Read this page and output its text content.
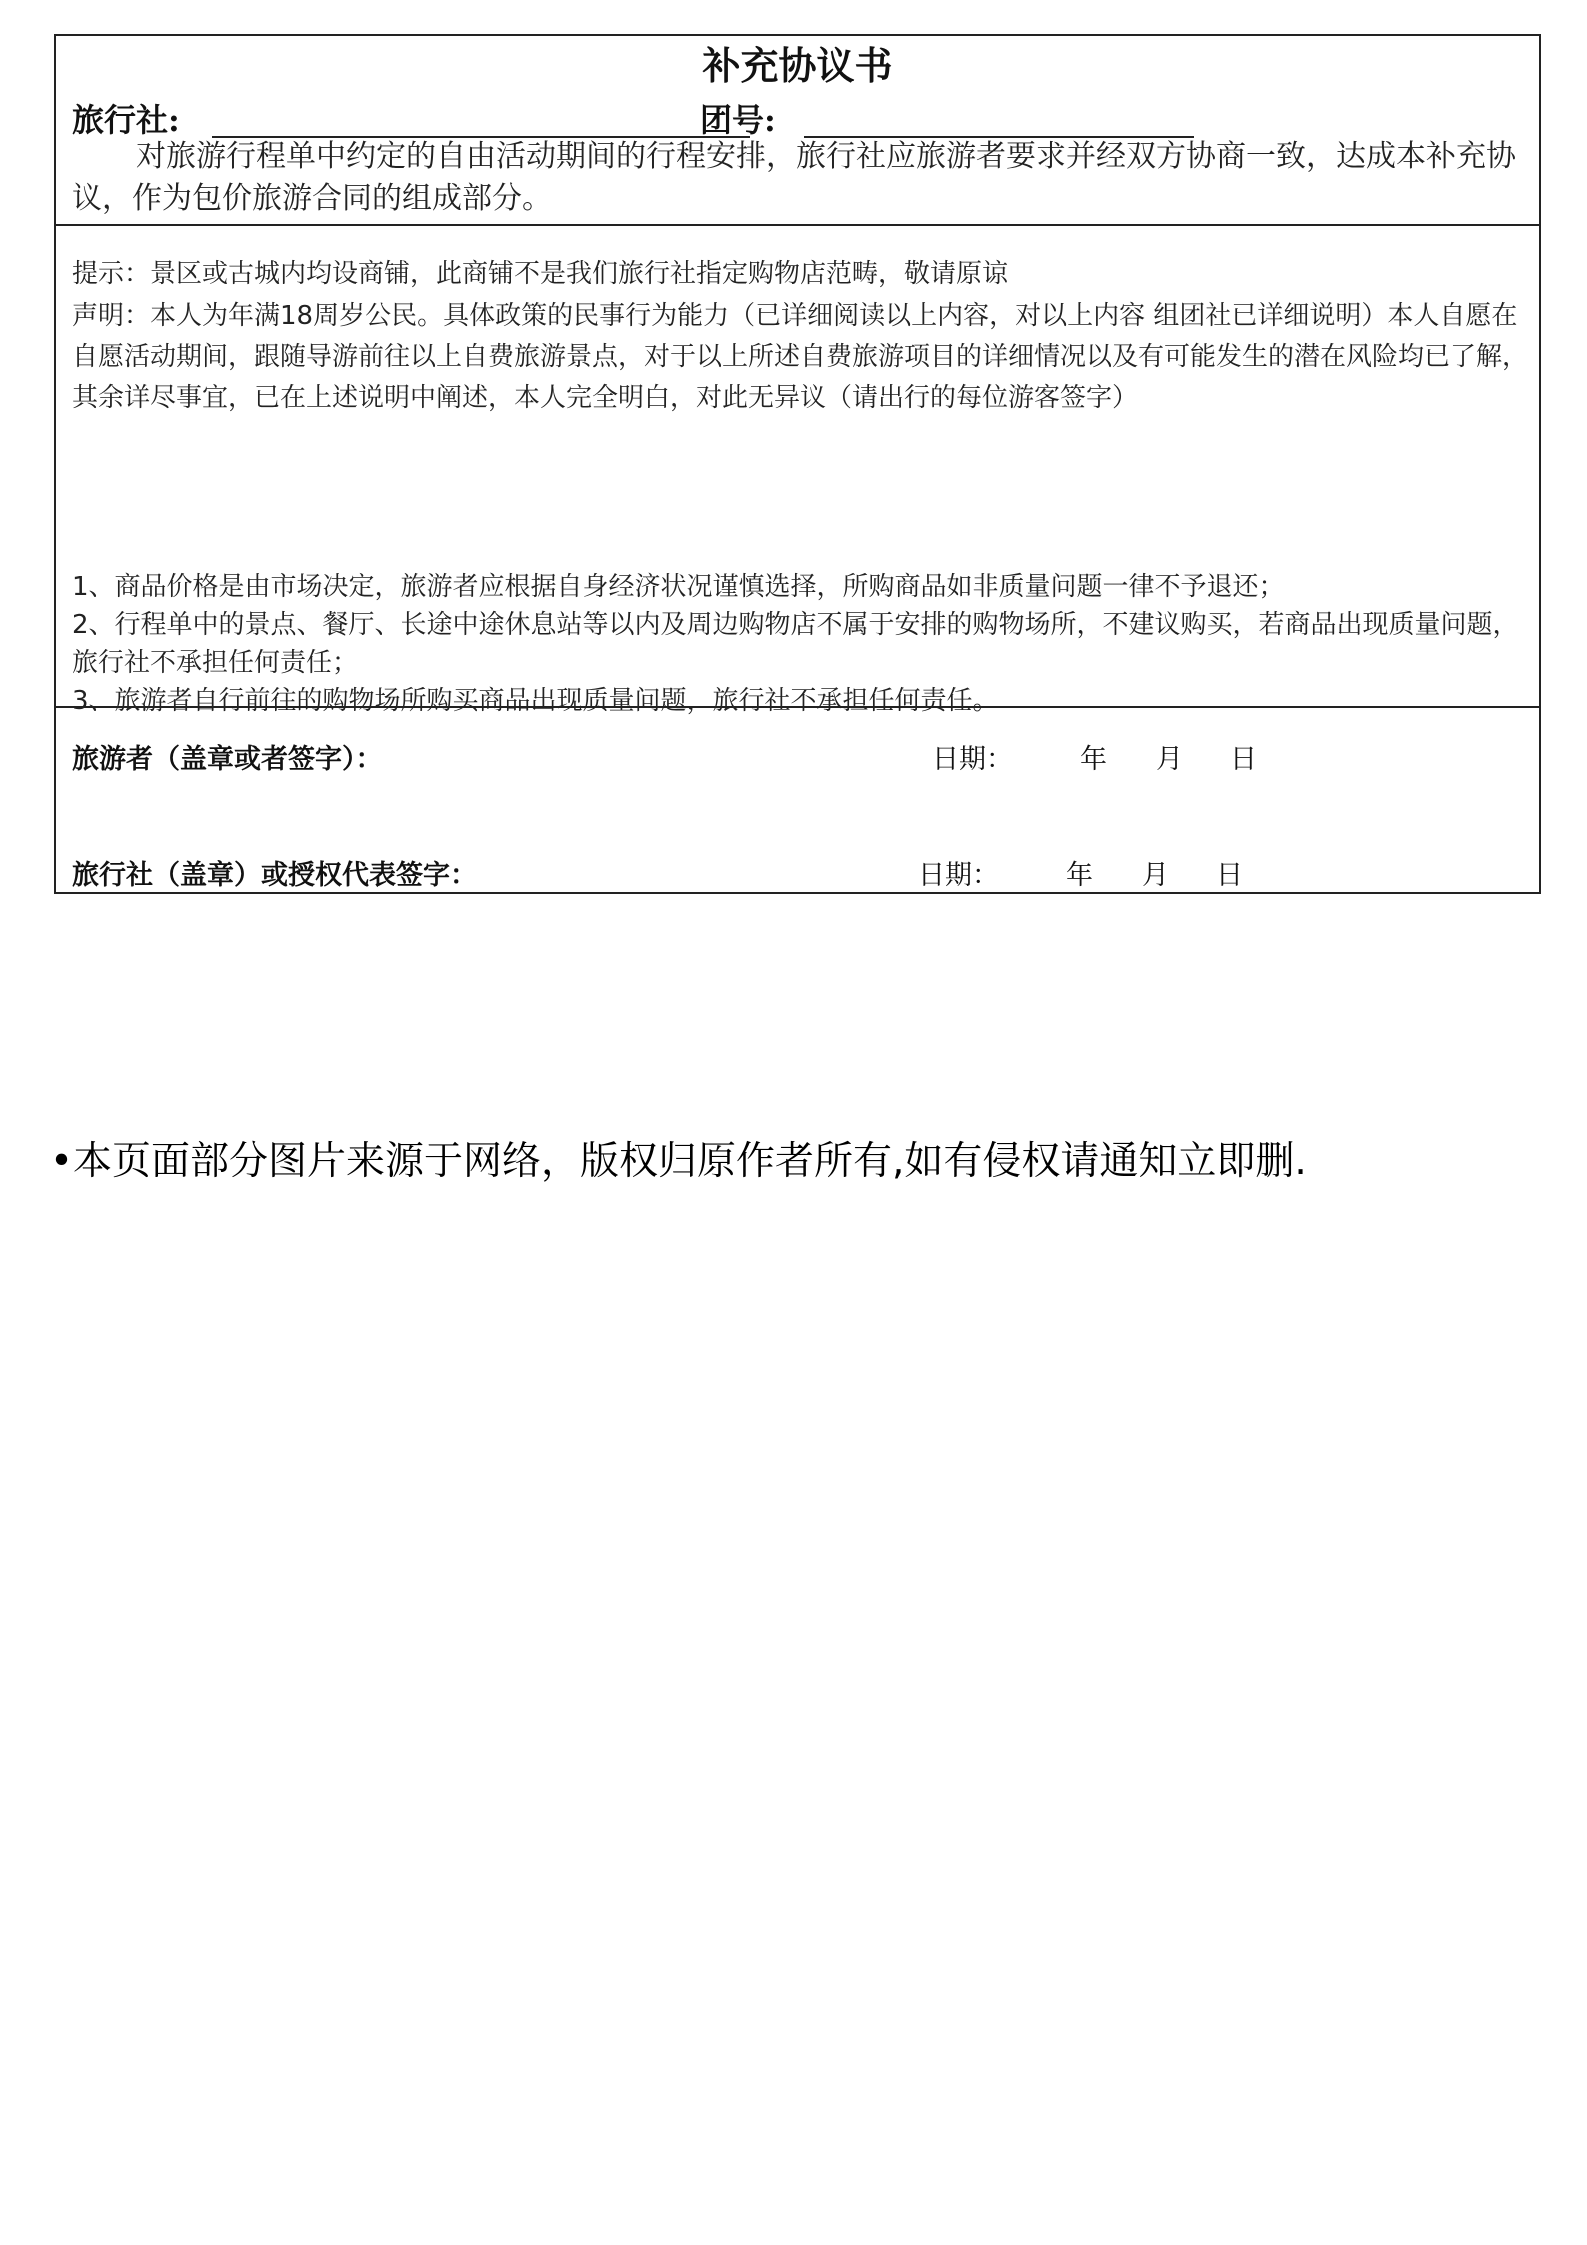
补充协议书
旅行社:	团号:

对旅游行程单中约定的自由活动期间的行程安排，旅行社应旅游者要求并经双方协商一致，达成本补充协议，作为包价旅游合同的组成部分。

提示：景区或古城内均设商铺，此商铺不是我们旅行社指定购物店范畴，敬请原谅

声明：本人为年满18周岁公民。具体政策的民事行为能力（已详细阅读以上内容，对以上内容 组团社已详细说明）本人自愿在自愿活动期间，跟随导游前往以上自费旅游景点，对于以上所述自费旅游项目的详细情况以及有可能发生的潜在风险均已了解，其余详尽事宜，已在上述说明中阐述，本人完全明白，对此无异议（请出行的每位游客签字）

1、商品价格是由市场决定，旅游者应根据自身经济状况谨慎选择，所购商品如非质量问题一律不予退还；
2、行程单中的景点、餐厅、长途中途休息站等以内及周边购物店不属于安排的购物场所，不建议购买，若商品出现质量问题，旅行社不承担任何责任；
3、旅游者自行前往的购物场所购买商品出现质量问题，旅行社不承担任何责任。
旅游者（盖章或者签字）：	日期： 年 月 日
旅行社（盖章）或授权代表签字：	日期： 年 月 日

•本页面部分图片来源于网络，版权归原作者所有,如有侵权请通知立即删.
